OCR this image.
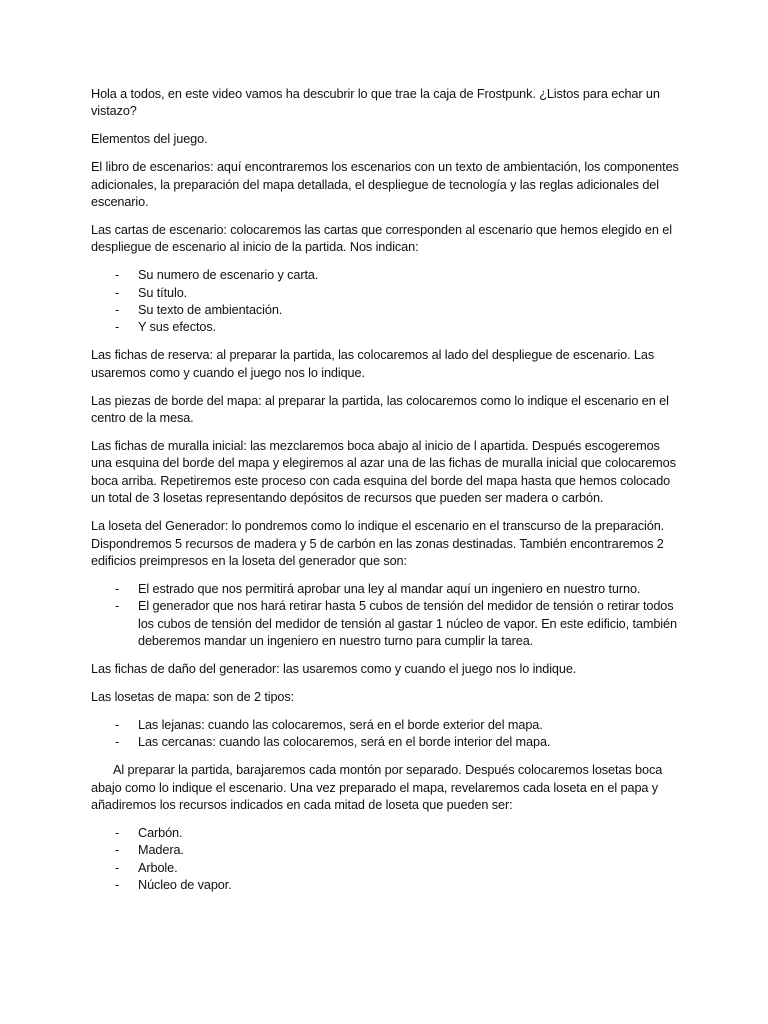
Hola a todos, en este video vamos ha descubrir lo que trae la caja de Frostpunk. ¿Listos para echar un vistazo?

Elementos del juego.

El libro de escenarios: aquí encontraremos los escenarios con un texto de ambientación, los componentes adicionales, la preparación del mapa detallada, el despliegue de tecnología y las reglas adicionales del escenario.

Las cartas de escenario: colocaremos las cartas que corresponden al escenario que hemos elegido en el despliegue de escenario al inicio de la partida. Nos indican:

- Su numero de escenario y carta.
- Su título.
- Su texto de ambientación.
- Y sus efectos.

Las fichas de reserva: al preparar la partida, las colocaremos al lado del despliegue de escenario. Las usaremos como y cuando el juego nos lo indique.

Las piezas de borde del mapa: al preparar la partida, las colocaremos como lo indique el escenario en el centro de la mesa.

Las fichas de muralla inicial: las mezclaremos boca abajo al inicio de l apartida. Después escogeremos una esquina del borde del mapa y elegiremos al azar una de las fichas de muralla inicial que colocaremos boca arriba. Repetiremos este proceso con cada esquina del borde del mapa hasta que hemos colocado un total de 3 losetas representando depósitos de recursos que pueden ser madera o carbón.

La loseta del Generador: lo pondremos como lo indique el escenario en el transcurso de la preparación. Dispondremos 5 recursos de madera y 5 de carbón en las zonas destinadas. También encontraremos 2 edificios preimpresos en la loseta del generador que son:

- El estrado que nos permitirá aprobar una ley al mandar aquí un ingeniero en nuestro turno.
- El generador que nos hará retirar hasta 5 cubos de tensión del medidor de tensión o retirar todos los cubos de tensión del medidor de tensión al gastar 1 núcleo de vapor. En este edificio, también deberemos mandar un ingeniero en nuestro turno para cumplir la tarea.

Las fichas de daño del generador: las usaremos como y cuando el juego nos lo indique.

Las losetas de mapa: son de 2 tipos:

- Las lejanas: cuando las colocaremos, será en el borde exterior del mapa.
- Las cercanas: cuando las colocaremos, será en el borde interior del mapa.

Al preparar la partida, barajaremos cada montón por separado. Después colocaremos losetas boca abajo como lo indique el escenario. Una vez preparado el mapa, revelaremos cada loseta en el papa y añadiremos los recursos indicados en cada mitad de loseta que pueden ser:

- Carbón.
- Madera.
- Arbole.
- Núcleo de vapor.
